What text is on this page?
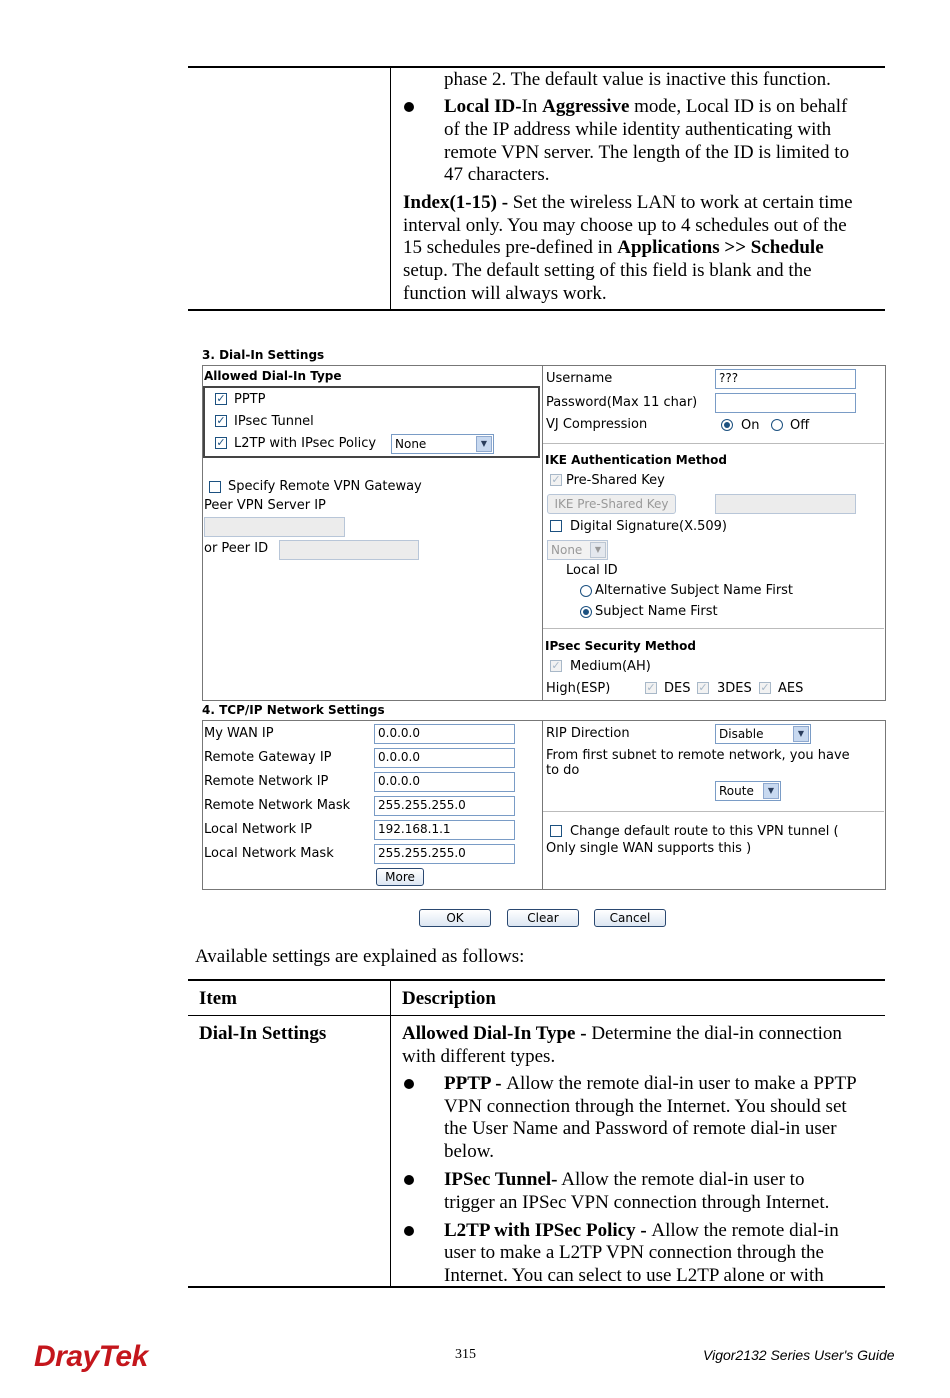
phase 2. The default value is inactive this function.
Local ID-In Aggressive mode, Local ID is on behalf
of the IP address while identity authenticating with
remote VPN server. The length of the ID is limited to
47 characters.
Index(1-15) - Set the wireless LAN to work at certain time
interval only. You may choose up to 4 schedules out of the
15 schedules pre-defined in Applications >> Schedule
setup. The default setting of this field is blank and the
function will always work.
3. Dial-In Settings
Allowed Dial-In Type
✓ PPTP
✓ IPsec Tunnel
✓ L2TP with IPsec Policy	None	▼
Specify Remote VPN Gateway
Peer VPN Server IP
or Peer ID
Username	???
Password(Max 11 char)
VJ Compression	On Off
IKE Authentication Method
✓ Pre-Shared Key
IKE Pre-Shared Key
Digital Signature(X.509)
None	▼
Local ID
Alternative Subject Name First
Subject Name First
IPsec Security Method
✓ Medium(AH)
High(ESP)	✓ DES ✓ 3DES ✓ AES
4. TCP/IP Network Settings
My WAN IP	0.0.0.0
Remote Gateway IP	0.0.0.0
Remote Network IP	0.0.0.0
Remote Network Mask	255.255.255.0
Local Network IP	192.168.1.1
Local Network Mask	255.255.255.0
More
RIP Direction	Disable	▼
From first subnet to remote network, you have
to do
Route	▼
Change default route to this VPN tunnel (
Only single WAN supports this )
OK	Clear	Cancel
Available settings are explained as follows:
Item	Description
Dial-In Settings	Allowed Dial-In Type - Determine the dial-in connection
with different types.
PPTP - Allow the remote dial-in user to make a PPTP
VPN connection through the Internet. You should set
the User Name and Password of remote dial-in user
below.
IPSec Tunnel- Allow the remote dial-in user to
trigger an IPSec VPN connection through Internet.
L2TP with IPSec Policy - Allow the remote dial-in
user to make a L2TP VPN connection through the
Internet. You can select to use L2TP alone or with
DrayTek	315	Vigor2132 Series User's Guide
